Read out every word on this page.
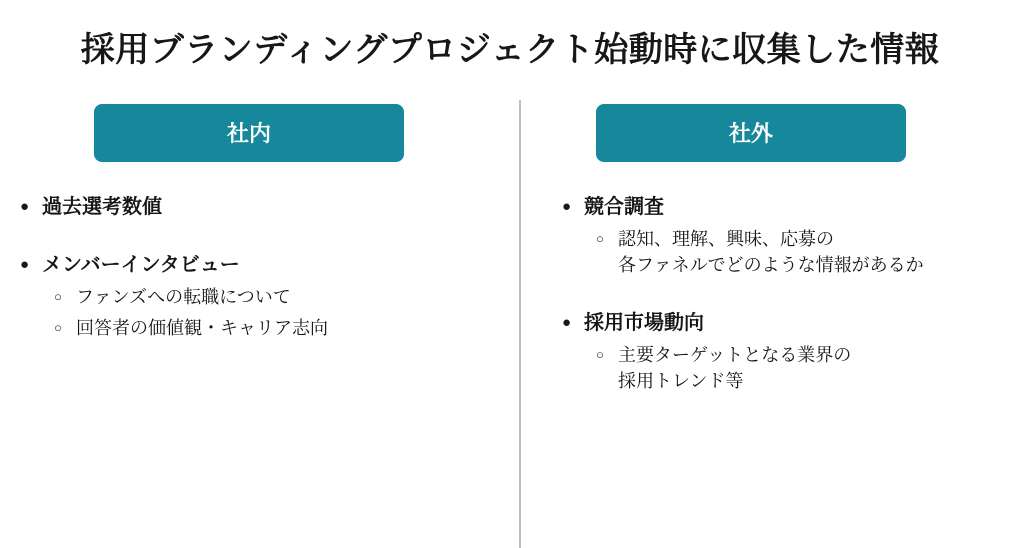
採用ブランディングプロジェクト始動時に収集した情報
社内
● 過去選考数値
● メンバーインタビュー
○ ファンズへの転職について
○ 回答者の価値観・キャリア志向
社外
● 競合調査
○ 認知、理解、興味、応募の
各ファネルでどのような情報があるか
● 採用市場動向
○ 主要ターゲットとなる業界の
採用トレンド等
